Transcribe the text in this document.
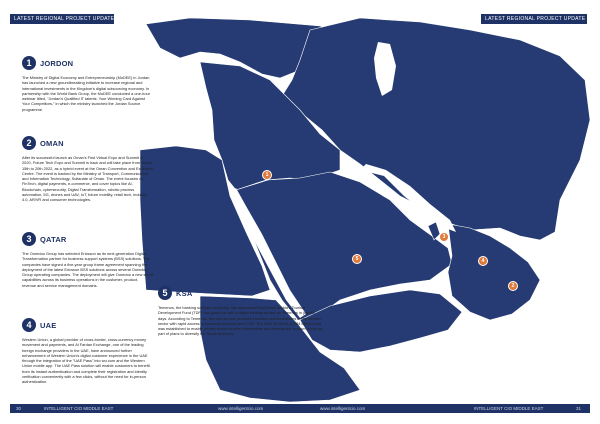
LATEST REGIONAL PROJECT UPDATE	LATEST REGIONAL PROJECT UPDATE
1	JORDON
The Ministry of Digital Economy and Entrepreneurship (MoDEE) in Jordan has launched a new groundbreaking initiative to increase regional and international investments in the Kingdom's digital outsourcing economy. In partnership with the World Bank Group, the MoDEE conducted a one-hour webinar titled, "Jordan's Qualified IT talents: Your Winning Card Against Your Competitors," in which the ministry launched the Jordan Source programme.
2	OMAN
After its successful launch as Oman's First Virtual Expo and Summit in 2020, Future Tech Expo and Summit is back and will take place from March 15th to 20th 2022, as a hybrid event at the Oman Convention and Exhibition Centre. The event is backed by the Ministry of Transport, Communication and Information Technology, Sultanate of Oman. The event focuses on FinTech, digital payments, e-commerce, and cover topics like AI, Blockchain, cybersecurity, Digital Transformation, robotic process automation, 5G, drones and UAV, IoT, future mobility, retail tech, industry 4.0, AR/VR and consumer technologies.
3	QATAR
The Ooredoo Group has selected Ericsson as its next-generation Digital Transformation partner for business support systems (BSS) solutions. The companies have signed a five-year group frame agreement spanning the deployment of the latest Ericsson BSS solutions across several Ooredoo Group operating companies. The deployment will give Ooredoo a new set of capabilities across its business operations in the customer, product, revenue and service management domains.
4	UAE
Western Union, a global provider of cross-border, cross-currency money movement and payments, and Al Fardan Exchange, one of the leading foreign exchange providers in the UAE, have announced further enhancement of Western Union's digital customer experience in the UAE through the integration of the "UAE Pass" into wu.com and the Western Union mobile app. The UAE Pass solution will enable customers to benefit from its instant authentication and complete their registration and identity verification conveniently with a few clicks, without the need for in-person authentication.
5	KSA
Temenos, the banking software company, has announced that Saudi Arabia's Tourism Development Fund (TDF) has gone live with a digital lending service on Temenos in just 60 days. According to Temenos, the new service provides investors and businesses in the tourism sector with rapid access to financing solutions from TDF. The SAR 15 billion (US$4 billion) fund was established to enable private sector tourism investments and develop the tourism sector as part of plans to diversify the Saudi economy.
1
2
3
4
5
30	INTELLIGENT CIO MIDDLE EAST	www.intelligentcio.com	www.intelligentcio.com	INTELLIGENT CIO MIDDLE EAST	31
